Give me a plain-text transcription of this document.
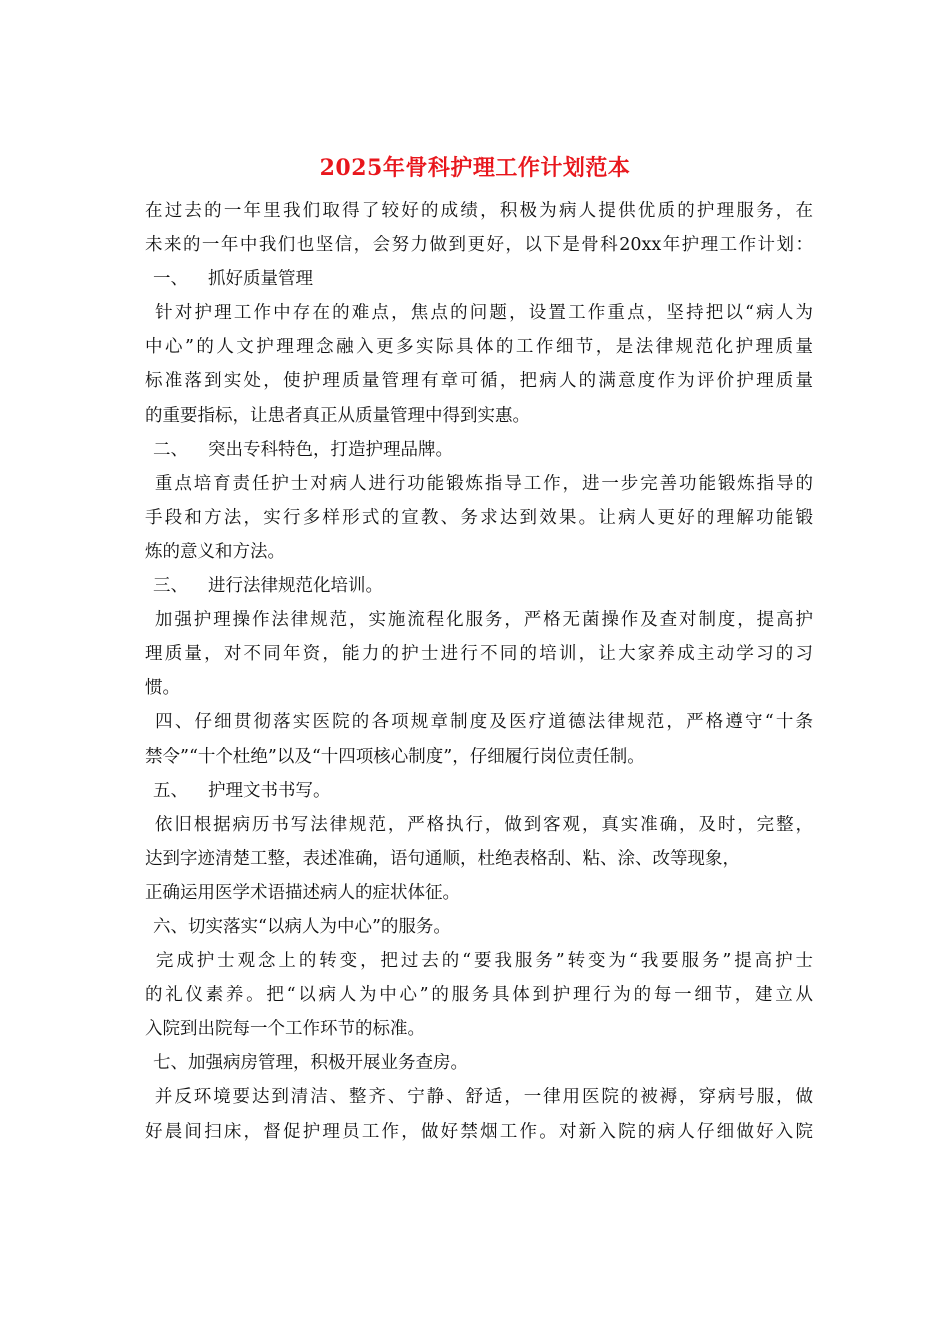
2025年骨科护理工作计划范本
在过去的一年里我们取得了较好的成绩，积极为病人提供优质的护理服务，在
未来的一年中我们也坚信，会努力做到更好，以下是骨科20xx年护理工作计划：
一、 抓好质量管理
针对护理工作中存在的难点，焦点的问题，设置工作重点，坚持把以“病人为
中心”的人文护理理念融入更多实际具体的工作细节，是法律规范化护理质量
标准落到实处，使护理质量管理有章可循，把病人的满意度作为评价护理质量
的重要指标，让患者真正从质量管理中得到实惠。
二、 突出专科特色，打造护理品牌。
重点培育责任护士对病人进行功能锻炼指导工作，进一步完善功能锻炼指导的
手段和方法，实行多样形式的宣教、务求达到效果。让病人更好的理解功能锻
炼的意义和方法。
三、 进行法律规范化培训。
加强护理操作法律规范，实施流程化服务，严格无菌操作及查对制度，提高护
理质量，对不同年资，能力的护士进行不同的培训，让大家养成主动学习的习
惯。
四、仔细贯彻落实医院的各项规章制度及医疗道德法律规范，严格遵守“十条
禁令”“十个杜绝”以及“十四项核心制度”，仔细履行岗位责任制。
五、 护理文书书写。
依旧根据病历书写法律规范，严格执行，做到客观，真实准确，及时，完整，
达到字迹清楚工整，表述准确，语句通顺，杜绝表格刮、粘、涂、改等现象，
正确运用医学术语描述病人的症状体征。
六、切实落实“以病人为中心”的服务。
完成护士观念上的转变，把过去的“要我服务”转变为“我要服务”提高护士
的礼仪素养。把“以病人为中心”的服务具体到护理行为的每一细节，建立从
入院到出院每一个工作环节的标准。
七、加强病房管理，积极开展业务查房。
并反环境要达到清洁、整齐、宁静、舒适，一律用医院的被褥，穿病号服，做
好晨间扫床，督促护理员工作，做好禁烟工作。对新入院的病人仔细做好入院
